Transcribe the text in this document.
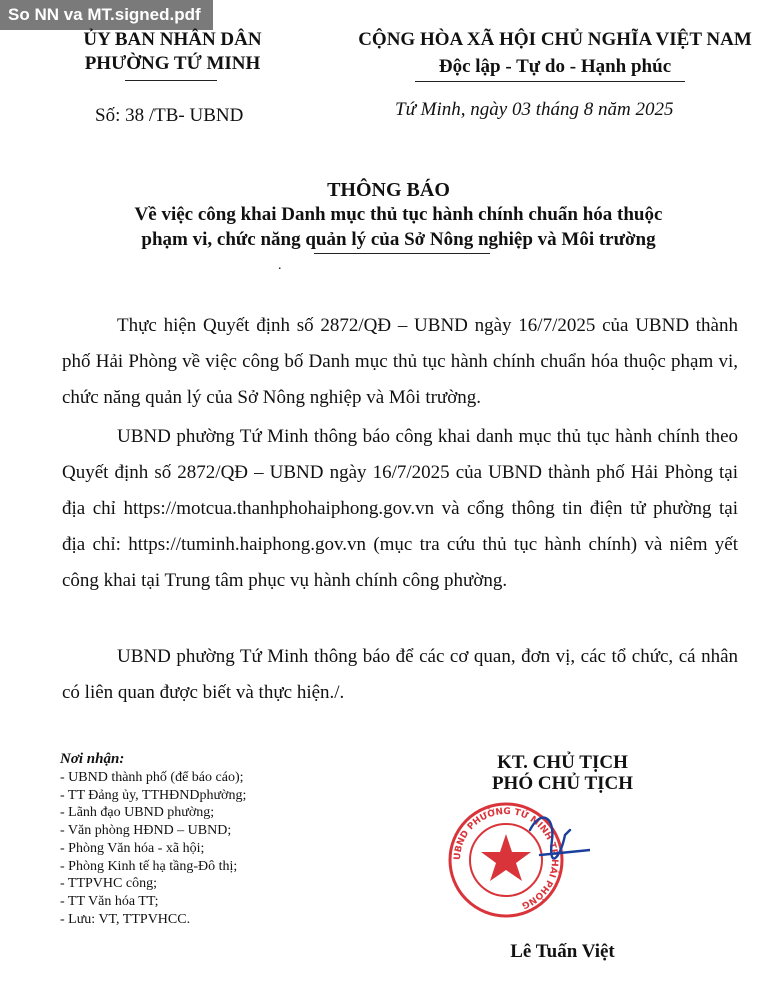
So NN va MT.signed.pdf
ỦY BAN NHÂN DÂN
PHƯỜNG TỨ MINH
CỘNG HÒA XÃ HỘI CHỦ NGHĨA VIỆT NAM
Độc lập - Tự do - Hạnh phúc
Số: 38 /TB- UBND	Tứ Minh, ngày 03 tháng 8 năm 2025
THÔNG BÁO
Về việc công khai Danh mục thủ tục hành chính chuẩn hóa thuộc
phạm vi, chức năng quản lý của Sở Nông nghiệp và Môi trường
.
Thực hiện Quyết định số 2872/QĐ – UBND ngày 16/7/2025 của UBND thành phố Hải Phòng về việc công bố Danh mục thủ tục hành chính chuẩn hóa thuộc phạm vi, chức năng quản lý của Sở Nông nghiệp và Môi trường.
UBND phường Tứ Minh thông báo công khai danh mục thủ tục hành chính theo Quyết định số 2872/QĐ – UBND ngày 16/7/2025 của UBND thành phố Hải Phòng tại địa chỉ https://motcua.thanhphohaiphong.gov.vn và cổng thông tin điện tử phường tại địa chỉ: https://tuminh.haiphong.gov.vn (mục tra cứu thủ tục hành chính) và niêm yết công khai tại Trung tâm phục vụ hành chính công phường.
UBND phường Tứ Minh thông báo để các cơ quan, đơn vị, các tổ chức, cá nhân có liên quan được biết và thực hiện./.
Nơi nhận:
- UBND thành phố (để báo cáo);
- TT Đảng ủy, TTHĐNDphường;
- Lãnh đạo UBND phường;
- Văn phòng HĐND – UBND;
- Phòng Văn hóa - xã hội;
- Phòng Kinh tế hạ tầng-Đô thị;
- TTPVHC công;
- TT Văn hóa TT;
- Lưu: VT, TTPVHCC.
KT. CHỦ TỊCH
PHÓ CHỦ TỊCH
UBND PHƯỜNG TỨ MINH TP HẢI PHÒNG
Lê Tuấn Việt
